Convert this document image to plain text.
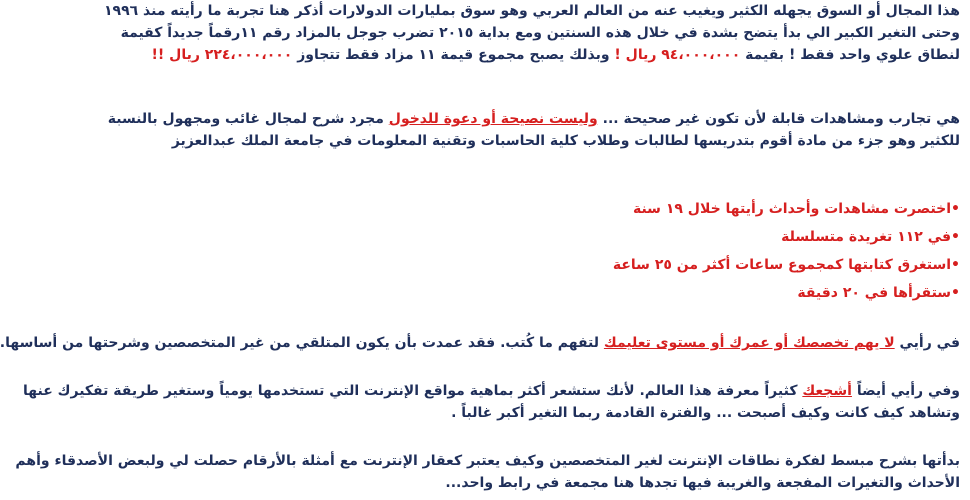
هذا المجال أو السوق يجهله الكثير ويغيب عنه من العالم العربي وهو سوق بمليارات الدولارات أذكر هنا تجربة ما رأيته منذ ١٩٩٦
وحتى التغير الكبير الي بدأ يتضح بشدة في خلال هذه السنتين ومع بداية ٢٠١٥ تضرب جوجل بالمزاد رقم ١١رقماً جديداً كقيمة
لنطاق علوي واحد فقط ! بقيمة ٩٤،٠٠٠،٠٠٠ ريال ! وبذلك يصبح مجموع قيمة ١١ مزاد فقط تتجاوز ٢٢٤،٠٠٠،٠٠٠ ريال !!
هي تجارب ومشاهدات قابلة لأن تكون غير صحيحة ... وليست نصيحة أو دعوة للدخول مجرد شرح لمجال غائب ومجهول بالنسبة
للكثير وهو جزء من مادة أقوم بتدريسها لطالبات وطلاب كلية الحاسبات وتقنية المعلومات في جامعة الملك عبدالعزيز
•اختصرت مشاهدات وأحداث رأيتها خلال ١٩ سنة
•في ١١٢ تغريدة متسلسلة
•استغرق كتابتها كمجموع ساعات أكثر من ٢٥ ساعة
•ستقرأها في ٢٠ دقيقة
في رأيي لا يهم تخصصك أو عمرك أو مستوى تعليمك لتفهم ما كُتب. فقد عمدت بأن يكون المتلقي من غير المتخصصين وشرحتها من أساسها.
وفي رأيي أيضاً أشجعك كثيراً معرفة هذا العالم. لأنك ستشعر أكثر بماهية مواقع الإنترنت التي تستخدمها يومياً وستغير طريقة تفكيرك عنها
وتشاهد كيف كانت وكيف أصبحت ... والفترة القادمة ربما التغير أكبر غالباً .
بدأتها بشرح مبسط لفكرة نطاقات الإنترنت لغير المتخصصين وكيف يعتبر كعقار الإنترنت مع أمثلة بالأرقام حصلت لي ولبعض الأصدقاء وأهم
الأحداث والتغيرات المفجعة والغريبة فيها تجدها هنا مجمعة في رابط واحد...
